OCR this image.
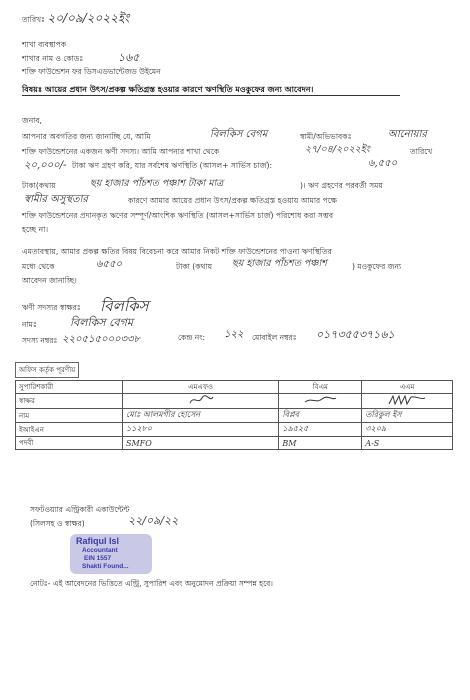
তারিখঃ ২০/০৯/২০২২ইং
শাখা ব্যবস্থাপক
শাখার নাম ও কোডঃ	১৬৫
শক্তি ফাউন্ডেশন ফর ডিসএডভান্টেজড উইমেন
বিষয়ঃ আয়ের প্রধান উৎস/প্রকল্প ক্ষতিগ্রস্ত হওয়ার কারণে ঋণস্থিতি মওকুফের জন্য আবেদন।
জনাব,
আপনার অবগতির জন্য জানাচ্ছি যে, আমি	বিলকিস বেগম	স্বামী/অভিভাবকঃ	আনোয়ার
শক্তি ফাউন্ডেশনের একজন ঋণী সদস্য। আমি আপনার শাখা থেকে	২৭/০৪/২০২২ইং	তারিখে
২০,০০০/- টাকা ঋণ গ্রহণ করি, যার সর্বশেষ ঋণস্থিতি (আসল+ সার্ভিস চার্জ):	৬,৫৫০
টাকা(কথায়	ছয় হাজার পাঁচশত পঞ্চাশ টাকা মাত্র	)। ঋণ গ্রহণের পরবর্তী সময়
স্বামীর অসুস্থতার	কারণে আমার আয়ের প্রধান উৎস/প্রকল্প ক্ষতিগ্রস্ত হওয়ায় আমার পক্ষে
শক্তি ফাউন্ডেশনের প্রদানকৃত ঋণের সম্পূর্ণ/আংশিক ঋণস্থিতি (আসল+সার্ভিস চার্জ) পরিশোধ করা সম্ভব
হচ্ছে না।
এমতাবস্থায়, আমার প্রকল্প ক্ষতির বিষয় বিবেচনা করে আমার নিকট শক্তি ফাউন্ডেশনের পাওনা ঋণস্থিতির
মধ্যে থেকে	৬৫৫০	টাকা (কথায় ছয় হাজার পাঁচশত পঞ্চাশ	) মওকুফের জন্য
আবেদন জানাচ্ছি।
ঋণী সদস্যর স্বাক্ষরঃ বিলকিস
নামঃ	বিলকিস বেগম
সদস্য নম্বরঃ ২২০৫১৫০০০৩৩৮	কেন্দ্র নং: ১২২ মোবাইল নম্বরঃ ০১৭৩৫৫৩৭১৬১
অফিস কর্তৃক পূরণীয়
সুপারিশকারী	এমএফও	বিএম	এএম
স্বাক্ষর			
নাম	মোঃ আলমগীর হোসেন	বিপ্লব	তরিকুল ইস
ইআইএন	১১২৮০	১৯৫২৫	৩২০৯
পদবী	SMFO	BM	A-S
সফটওয়্যার এন্ট্রিকারী একাউন্টেন্ট
(সিলসহ ও স্বাক্ষর)	২২/০৯/২২
Rafiqul Isl
Accountant
EIN 1557
Shakti Found...
নোটঃ- এই আবেদনের ভিত্তিতে এন্ট্রি, সুপারিশ এবং অনুমোদন প্রক্রিয়া সম্পন্ন হবে।
